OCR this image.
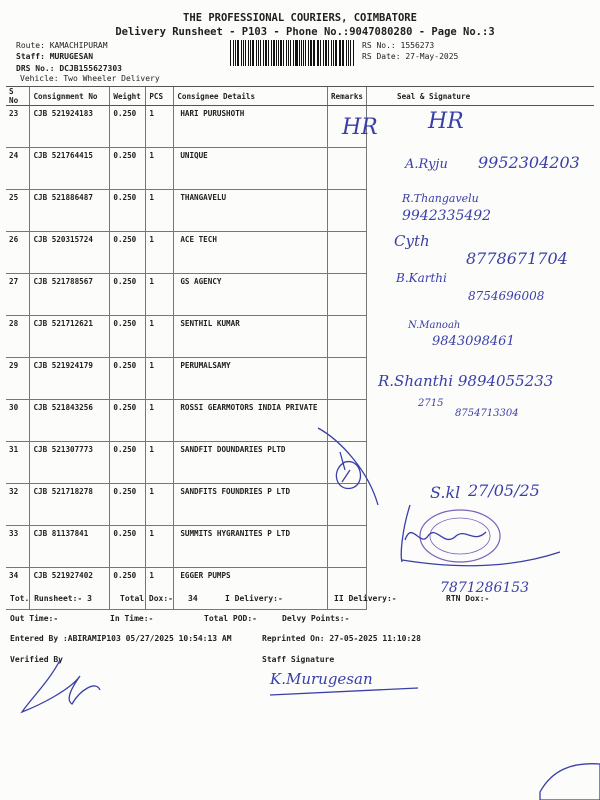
THE PROFESSIONAL COURIERS, COIMBATORE
Delivery Runsheet - P103 - Phone No.:9047080280 - Page No.:3
Route: KAMACHIPURAM
Staff: MURUGESAN
DRS No.: DCJB155627303
Vehicle: Two Wheeler Delivery
RS No.: 1556273
RS Date: 27-May-2025
S No	Consignment No	Weight	PCS	Consignee Details	Remarks	Seal & Signature
23	CJB 521924183	0.250	1	HARI PURUSHOTH		
24	CJB 521764415	0.250	1	UNIQUE		
25	CJB 521886487	0.250	1	THANGAVELU		
26	CJB 520315724	0.250	1	ACE TECH		
27	CJB 521788567	0.250	1	GS AGENCY		
28	CJB 521712621	0.250	1	SENTHIL KUMAR		
29	CJB 521924179	0.250	1	PERUMALSAMY		
30	CJB 521843256	0.250	1	ROSSI GEARMOTORS INDIA PRIVATE		
31	CJB 521307773	0.250	1	SANDFIT DOUNDARIES PLTD		
32	CJB 521718278	0.250	1	SANDFITS FOUNDRIES P LTD		
33	CJB 81137841	0.250	1	SUMMITS HYGRANITES P LTD		
34	CJB 521927402	0.250	1	EGGER PUMPS		
Tot. Runsheet:- 3	Total Dox:- 34	I Delivery:-	II Delivery:-	RTN Dox:-
Out Time:-	In Time:-	Total POD:-	Delvy Points:-
Entered By :ABIRAMIP103 05/27/2025 10:54:13 AM	Reprinted On: 27-05-2025 11:10:28
Verified By	Staff Signature
HR HR
A.Ryju 9952304203
R.Thangavelu
9942335492
Cyth
8778671704
B.Karthi
8754696008
N.Manoah
9843098461
R.Shanthi 9894055233
2715
8754713304
S.kl 27/05/25
7871286153
K.Murugesan
